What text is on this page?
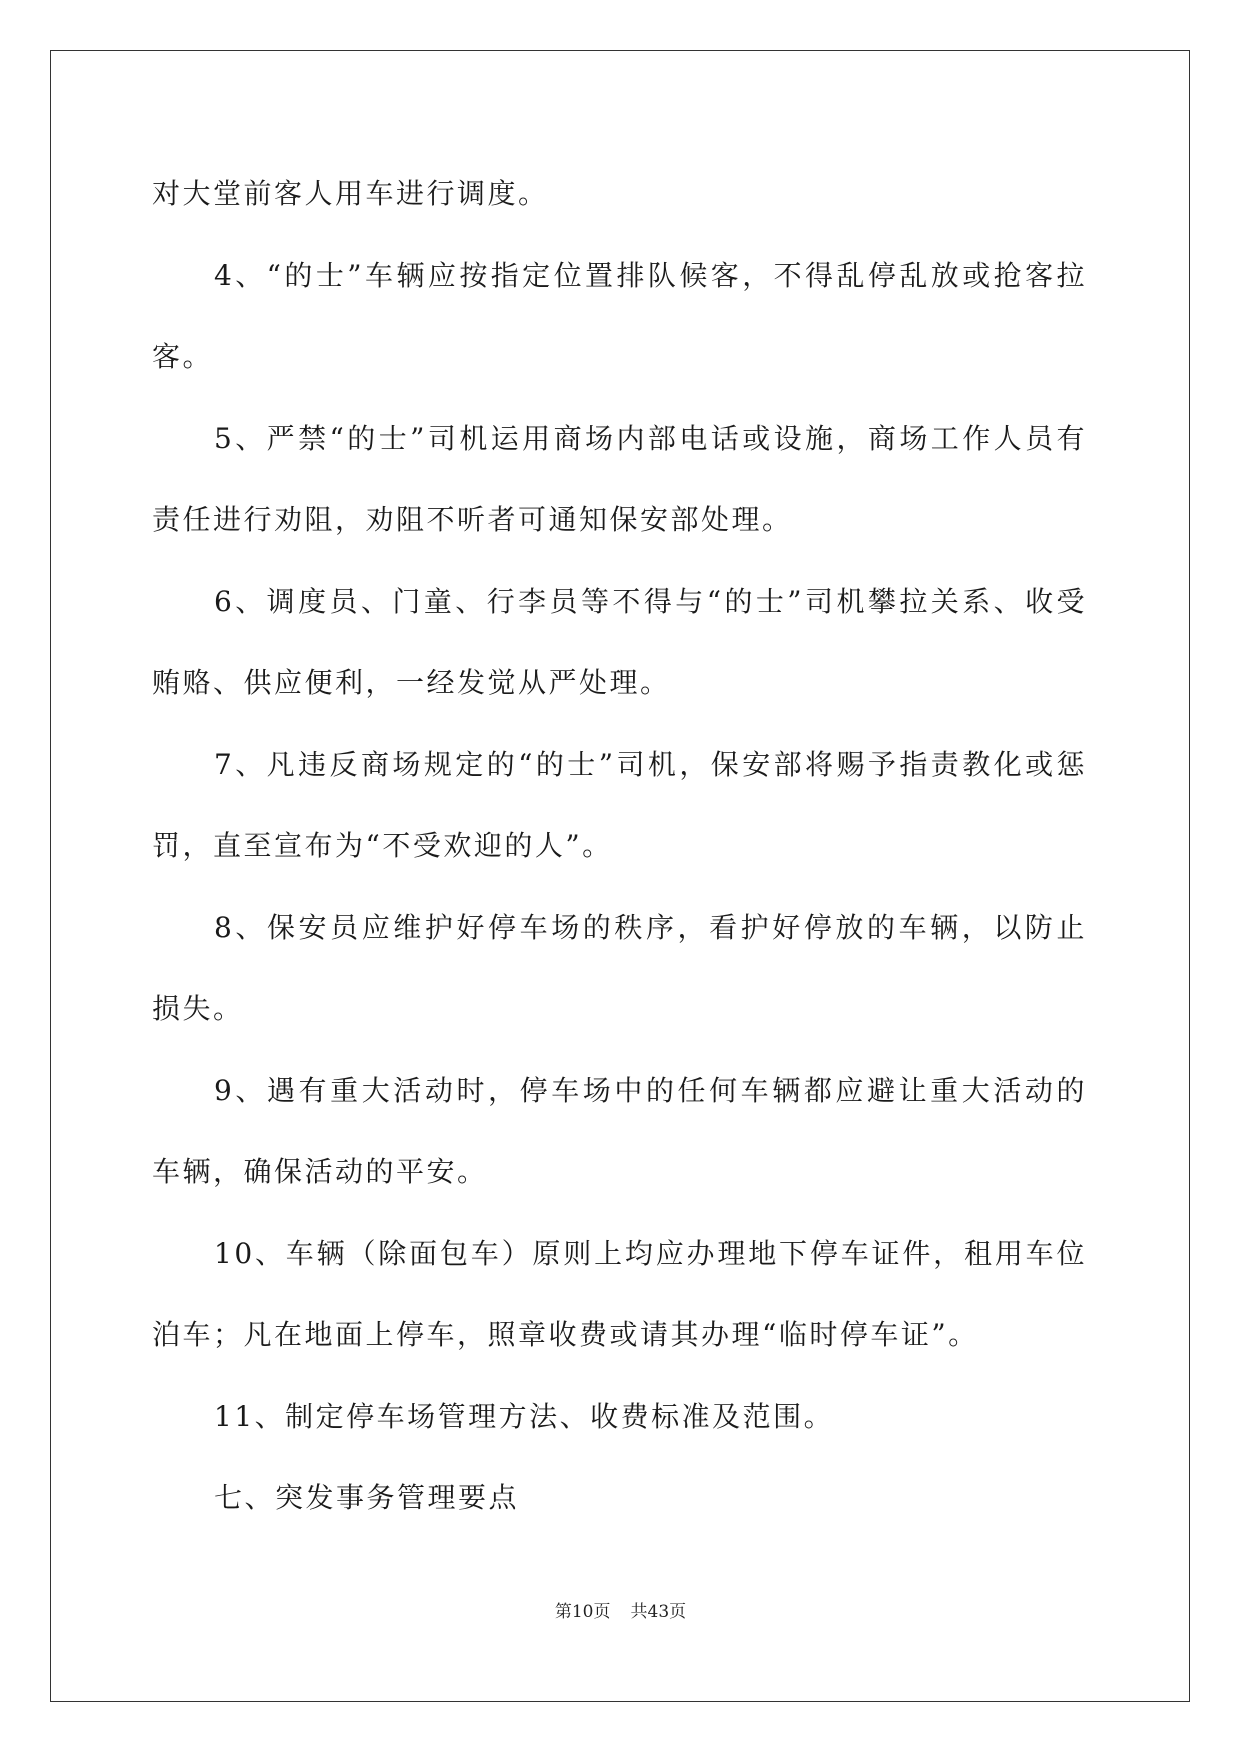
对大堂前客人用车进行调度。

4、“的士”车辆应按指定位置排队候客，不得乱停乱放或抢客拉客。

5、严禁“的士”司机运用商场内部电话或设施，商场工作人员有责任进行劝阻，劝阻不听者可通知保安部处理。

6、调度员、门童、行李员等不得与“的士”司机攀拉关系、收受贿赂、供应便利，一经发觉从严处理。

7、凡违反商场规定的“的士”司机，保安部将赐予指责教化或惩罚，直至宣布为“不受欢迎的人”。

8、保安员应维护好停车场的秩序，看护好停放的车辆，以防止损失。

9、遇有重大活动时，停车场中的任何车辆都应避让重大活动的车辆，确保活动的平安。

10、车辆（除面包车）原则上均应办理地下停车证件，租用车位泊车；凡在地面上停车，照章收费或请其办理“临时停车证”。

11、制定停车场管理方法、收费标准及范围。

七、突发事务管理要点

第10页 共43页
